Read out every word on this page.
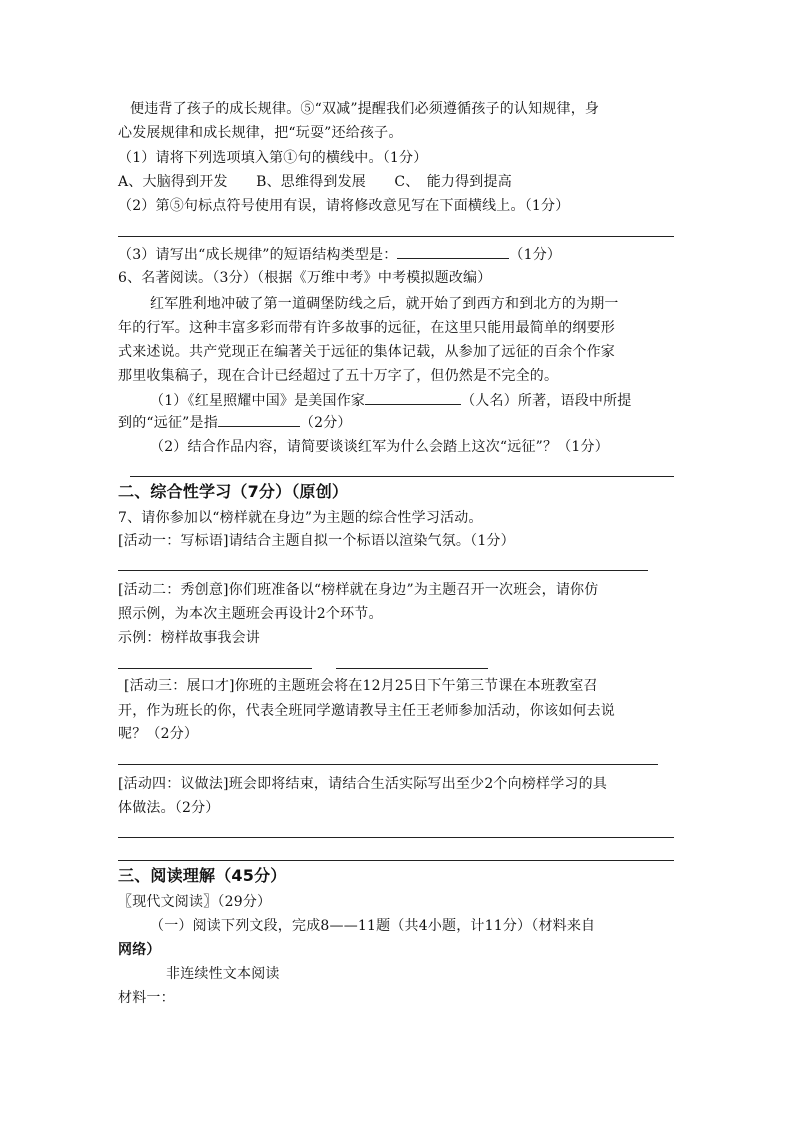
便违背了孩子的成长规律。⑤“双减”提醒我们必须遵循孩子的认知规律，身
心发展规律和成长规律，把“玩耍”还给孩子。
（1）请将下列选项填入第①句的横线中。（1分）
A、大脑得到开发　　B、思维得到发展　　C、　能力得到提高
（2）第⑤句标点符号使用有误，请将修改意见写在下面横线上。（1分）
（3）请写出“成长规律”的短语结构类型是：	（1分）
6、名著阅读。（3分）（根据《万维中考》中考模拟题改编）
红军胜利地冲破了第一道碉堡防线之后，就开始了到西方和到北方的为期一
年的行军。这种丰富多彩而带有许多故事的远征，在这里只能用最简单的纲要形
式来述说。共产党现正在编著关于远征的集体记载，从参加了远征的百余个作家
那里收集稿子，现在合计已经超过了五十万字了，但仍然是不完全的。
（1）《红星照耀中国》是美国作家	（人名）所著，语段中所提
到的“远征”是指	（2分）
（2）结合作品内容，请简要谈谈红军为什么会踏上这次“远征”？（1分）
二、综合性学习（7分）（原创）
7、请你参加以“榜样就在身边”为主题的综合性学习活动。
[活动一：写标语]请结合主题自拟一个标语以渲染气氛。（1分）
[活动二：秀创意]你们班准备以“榜样就在身边”为主题召开一次班会，请你仿
照示例，为本次主题班会再设计2个环节。
示例：榜样故事我会讲
[活动三：展口才]你班的主题班会将在12月25日下午第三节课在本班教室召
开，作为班长的你，代表全班同学邀请教导主任王老师参加活动，你该如何去说
呢？（2分）
[活动四：议做法]班会即将结束，请结合生活实际写出至少2个向榜样学习的具
体做法。（2分）
三、阅读理解（45分）
〖现代文阅读〗（29分）
（一）阅读下列文段，完成8——11题（共4小题，计11分）（材料来自
网络）
非连续性文本阅读
材料一：
